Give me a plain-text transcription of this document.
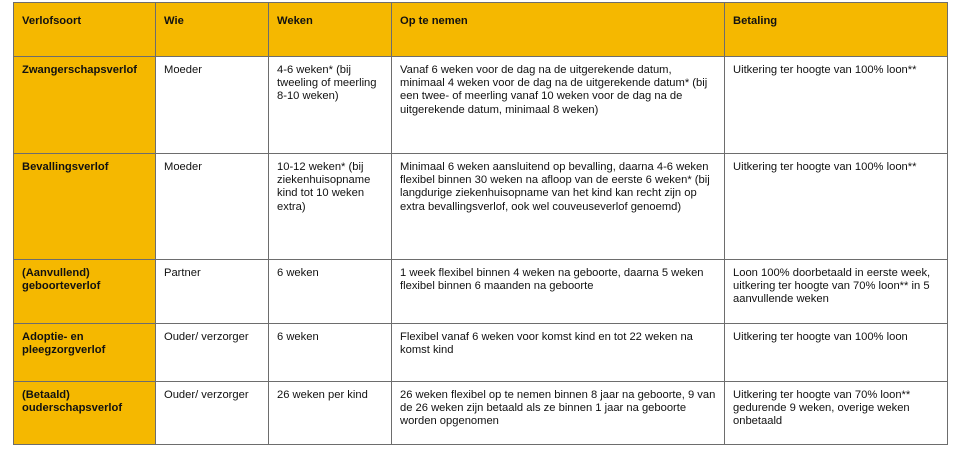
Verlofsoort	Wie	Weken	Op te nemen	Betaling
Zwangerschapsverlof	Moeder	4-6 weken* (bij tweeling of meerling 8-10 weken)	Vanaf 6 weken voor de dag na de uitgerekende datum, minimaal 4 weken voor de dag na de uitgerekende datum* (bij een twee- of meerling vanaf 10 weken voor de dag na de uitgerekende datum, minimaal 8 weken)	Uitkering ter hoogte van 100% loon**
Bevallingsverlof	Moeder	10-12 weken* (bij ziekenhuisopname kind tot 10 weken extra)	Minimaal 6 weken aansluitend op bevalling, daarna 4-6 weken flexibel binnen 30 weken na afloop van de eerste 6 weken* (bij langdurige ziekenhuisopname van het kind kan recht zijn op extra bevallingsverlof, ook wel couveuseverlof genoemd)	Uitkering ter hoogte van 100% loon**
(Aanvullend) geboorteverlof	Partner	6 weken	1 week flexibel binnen 4 weken na geboorte, daarna 5 weken flexibel binnen 6 maanden na geboorte	Loon 100% doorbetaald in eerste week, uitkering ter hoogte van 70% loon** in 5 aanvullende weken
Adoptie- en pleegzorgverlof	Ouder/ verzorger	6 weken	Flexibel vanaf 6 weken voor komst kind en tot 22 weken na komst kind	Uitkering ter hoogte van 100% loon
(Betaald) ouderschapsverlof	Ouder/ verzorger	26 weken per kind	26 weken flexibel op te nemen binnen 8 jaar na geboorte, 9 van de 26 weken zijn betaald als ze binnen 1 jaar na geboorte worden opgenomen	Uitkering ter hoogte van 70% loon** gedurende 9 weken, overige weken onbetaald
